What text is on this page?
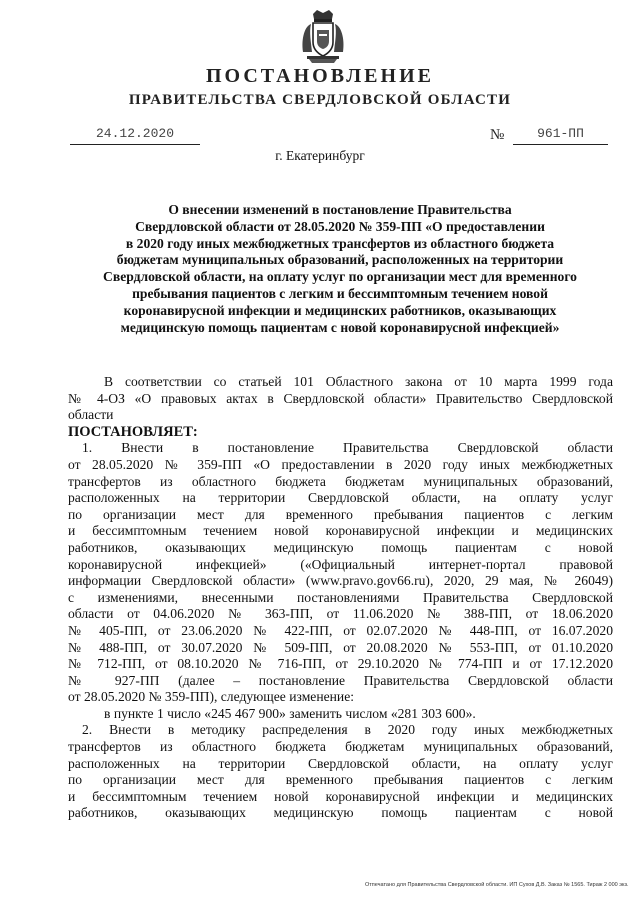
ПОСТАНОВЛЕНИЕ
ПРАВИТЕЛЬСТВА СВЕРДЛОВСКОЙ ОБЛАСТИ
24.12.2020	№	961-ПП
г. Екатеринбург
О внесении изменений в постановление Правительства
Свердловской области от 28.05.2020 № 359-ПП «О предоставлении
в 2020 году иных межбюджетных трансфертов из областного бюджета
бюджетам муниципальных образований, расположенных на территории
Свердловской области, на оплату услуг по организации мест для временного
пребывания пациентов с легким и бессимптомным течением новой
коронавирусной инфекции и медицинских работников, оказывающих
медицинскую помощь пациентам с новой коронавирусной инфекцией»
В соответствии со статьей 101 Областного закона от 10 марта 1999 года
№ 4-ОЗ «О правовых актах в Свердловской области» Правительство Свердловской
области
ПОСТАНОВЛЯЕТ:
1. Внести в постановление Правительства Свердловской области
от 28.05.2020 № 359-ПП «О предоставлении в 2020 году иных межбюджетных
трансфертов из областного бюджета бюджетам муниципальных образований,
расположенных на территории Свердловской области, на оплату услуг
по организации мест для временного пребывания пациентов с легким
и бессимптомным течением новой коронавирусной инфекции и медицинских
работников, оказывающих медицинскую помощь пациентам с новой
коронавирусной инфекцией» («Официальный интернет-портал правовой
информации Свердловской области» (www.pravo.gov66.ru), 2020, 29 мая, № 26049)
с изменениями, внесенными постановлениями Правительства Свердловской
области от 04.06.2020 № 363-ПП, от 11.06.2020 № 388-ПП, от 18.06.2020
№ 405-ПП, от 23.06.2020 № 422-ПП, от 02.07.2020 № 448-ПП, от 16.07.2020
№ 488-ПП, от 30.07.2020 № 509-ПП, от 20.08.2020 № 553-ПП, от 01.10.2020
№ 712-ПП, от 08.10.2020 № 716-ПП, от 29.10.2020 № 774-ПП и от 17.12.2020
№ 927-ПП (далее – постановление Правительства Свердловской области
от 28.05.2020 № 359-ПП), следующее изменение:
в пункте 1 число «245 467 900» заменить числом «281 303 600».
2. Внести в методику распределения в 2020 году иных межбюджетных
трансфертов из областного бюджета бюджетам муниципальных образований,
расположенных на территории Свердловской области, на оплату услуг
по организации мест для временного пребывания пациентов с легким
и бессимптомным течением новой коронавирусной инфекции и медицинских
работников, оказывающих медицинскую помощь пациентам с новой
Отпечатано для Правительства Свердловской области. ИП Сухов Д.В. Заказ № 1565. Тираж 2 000 экз.
